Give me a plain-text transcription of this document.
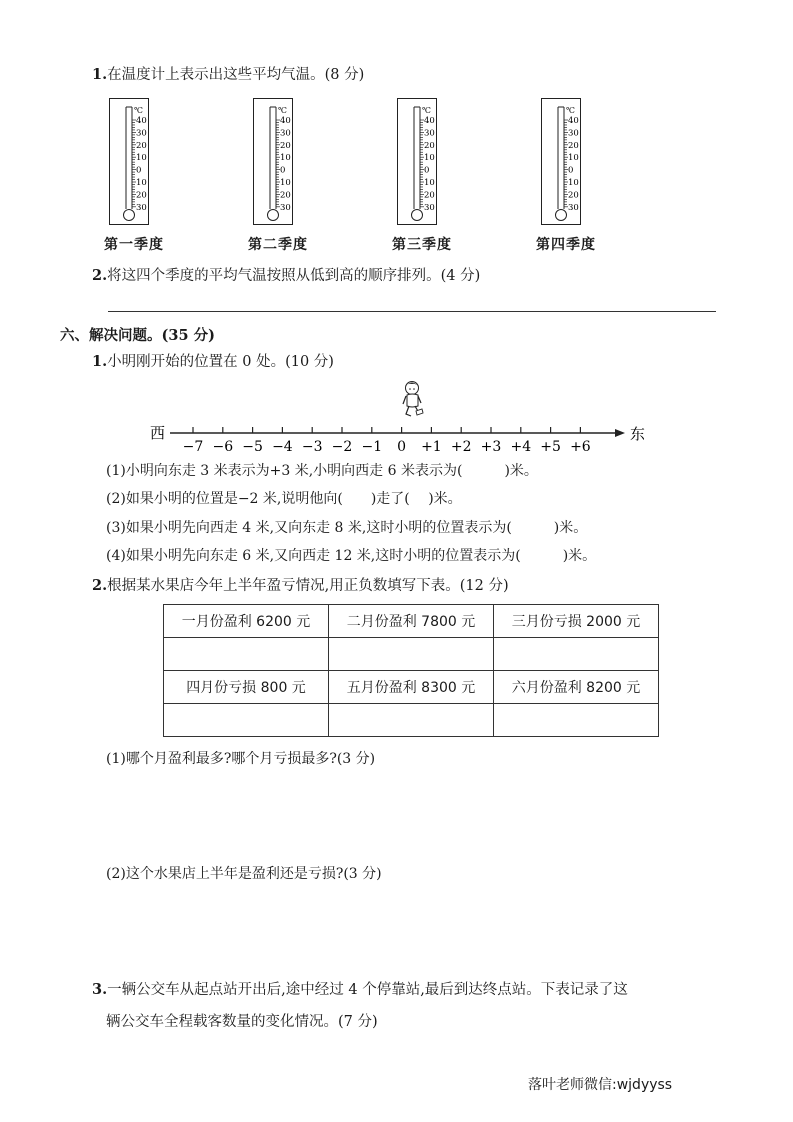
1.在温度计上表示出这些平均气温。(8 分)
℃
40
30
20
10
0
10
20
30
℃
40
30
20
10
0
10
20
30
℃
40
30
20
10
0
10
20
30
℃
40
30
20
10
0
10
20
30
第一季度	第二季度	第三季度	第四季度
2.将这四个季度的平均气温按照从低到高的顺序排列。(4 分)
六、解决问题。(35 分)
1.小明刚开始的位置在 0 处。(10 分)
西	东
−7 −6 −5 −4 −3 −2 −1 0 +1 +2 +3 +4 +5 +6
(1)小明向东走 3 米表示为+3 米,小明向西走 6 米表示为(　　　)米。
(2)如果小明的位置是−2 米,说明他向(　　)走了(　 )米。
(3)如果小明先向西走 4 米,又向东走 8 米,这时小明的位置表示为(　　　)米。
(4)如果小明先向东走 6 米,又向西走 12 米,这时小明的位置表示为(　　　)米。
2.根据某水果店今年上半年盈亏情况,用正负数填写下表。(12 分)
一月份盈利 6200 元	二月份盈利 7800 元	三月份亏损 2000 元

四月份亏损 800 元	五月份盈利 8300 元	六月份盈利 8200 元

(1)哪个月盈利最多?哪个月亏损最多?(3 分)
(2)这个水果店上半年是盈利还是亏损?(3 分)
3.一辆公交车从起点站开出后,途中经过 4 个停靠站,最后到达终点站。下表记录了这
辆公交车全程载客数量的变化情况。(7 分)
落叶老师微信:wjdyyss
